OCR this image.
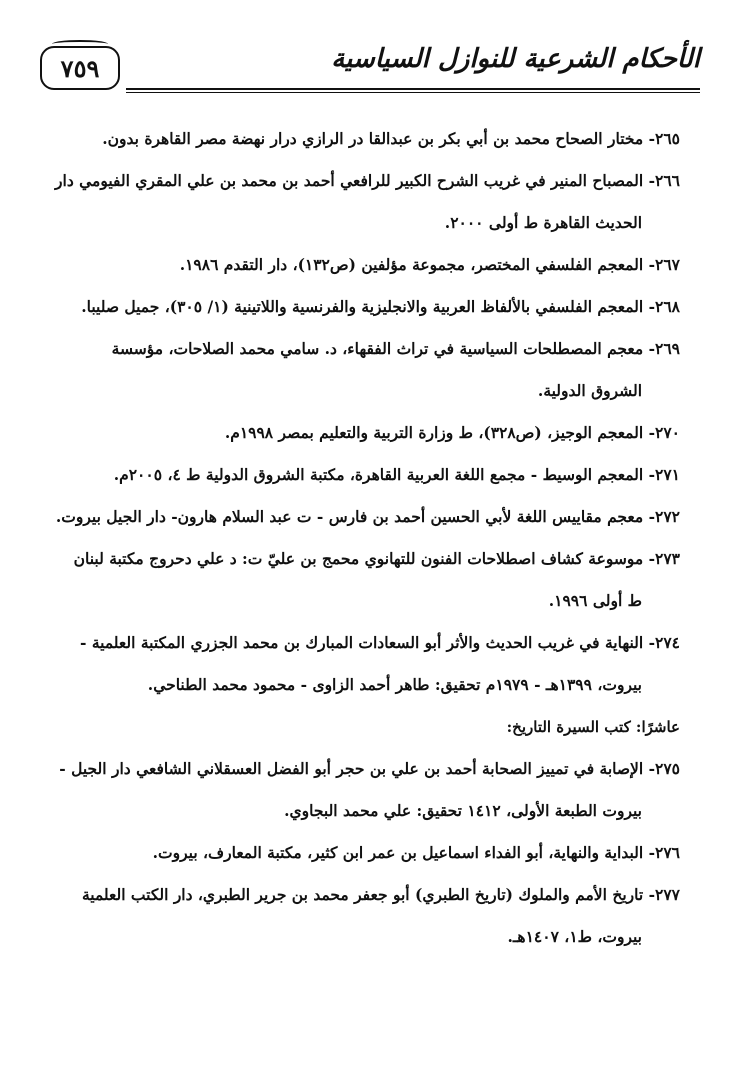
الأحكام الشرعية للنوازل السياسية
٧٥٩
٢٦٥- مختار الصحاح محمد بن أبي بكر بن عبدالقا در الرازي درار نهضة مصر القاهرة بدون.
٢٦٦- المصباح المنير في غريب الشرح الكبير للرافعي أحمد بن محمد بن علي المقري الفيومي دار
الحديث القاهرة ط أولى ٢٠٠٠.
٢٦٧- المعجم الفلسفي المختصر، مجموعة مؤلفين (ص١٣٢)، دار التقدم ١٩٨٦.
٢٦٨- المعجم الفلسفي بالألفاظ العربية والانجليزية والفرنسية واللاتينية (١/ ٣٠٥)، جميل صليبا.
٢٦٩- معجم المصطلحات السياسية في تراث الفقهاء، د. سامي محمد الصلاحات، مؤسسة
الشروق الدولية.
٢٧٠- المعجم الوجيز، (ص٣٢٨)، ط وزارة التربية والتعليم بمصر ١٩٩٨م.
٢٧١- المعجم الوسيط - مجمع اللغة العربية القاهرة، مكتبة الشروق الدولية ط ٤، ٢٠٠٥م.
٢٧٢- معجم مقاييس اللغة لأبي الحسين أحمد بن فارس - ت عبد السلام هارون- دار الجيل بيروت.
٢٧٣- موسوعة كشاف اصطلاحات الفنون للتهانوي محمج بن عليّ ت: د علي دحروج مكتبة لبنان
ط أولى ١٩٩٦.
٢٧٤- النهاية في غريب الحديث والأثر أبو السعادات المبارك بن محمد الجزري المكتبة العلمية -
بيروت، ١٣٩٩هـ - ١٩٧٩م تحقيق: طاهر أحمد الزاوى - محمود محمد الطناحي.
عاشرًا: كتب السيرة التاريخ:
٢٧٥- الإصابة في تمييز الصحابة أحمد بن علي بن حجر أبو الفضل العسقلاني الشافعي دار الجيل -
بيروت الطبعة الأولى، ١٤١٢ تحقيق: علي محمد البجاوي.
٢٧٦- البداية والنهاية، أبو الفداء اسماعيل بن عمر ابن كثير، مكتبة المعارف، بيروت.
٢٧٧- تاريخ الأمم والملوك (تاريخ الطبري) أبو جعفر محمد بن جرير الطبري، دار الكتب العلمية
بيروت، ط١، ١٤٠٧هـ.
